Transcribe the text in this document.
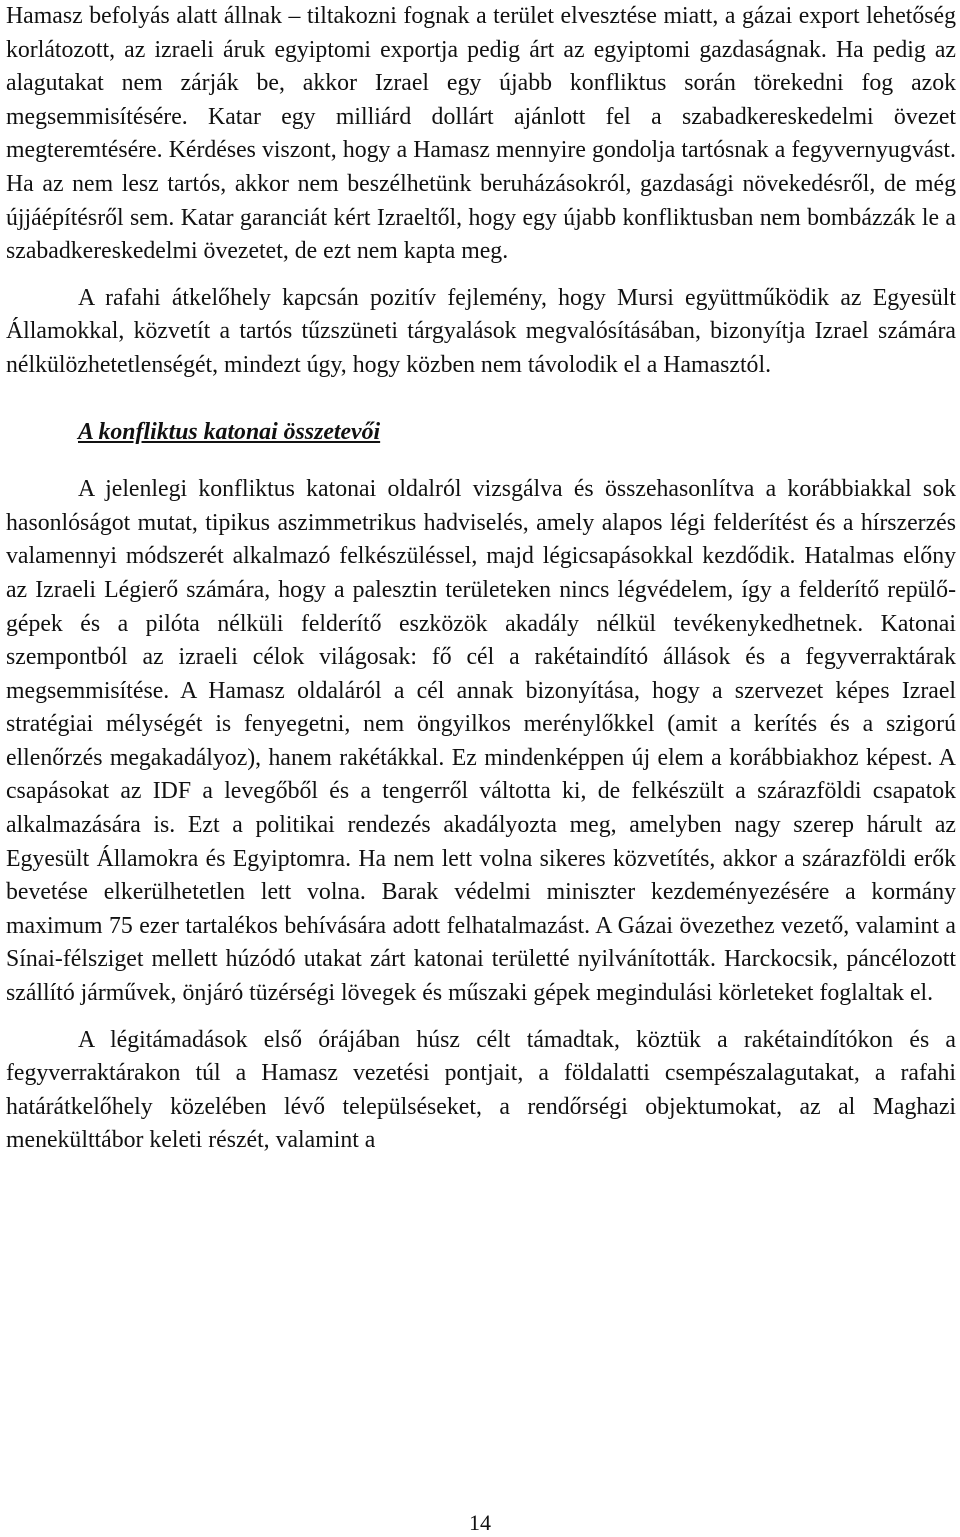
Hamasz befolyás alatt állnak – tiltakozni fognak a terület elvesztése miatt, a gázai export lehetőség korlátozott, az izraeli áruk egyiptomi exportja pedig árt az egyiptomi gazdaságnak. Ha pedig az alagutakat nem zárják be, akkor Izrael egy újabb konfliktus során törekedni fog azok megsemmisítésére. Katar egy milliárd dollárt ajánlott fel a szabadkereskedelmi övezet megteremtésére. Kérdéses viszont, hogy a Hamasz mennyire gondolja tartósnak a fegyvernyugvást. Ha az nem lesz tartós, akkor nem beszélhetünk beruházásokról, gazdasági növekedésről, de még újjáépítésről sem. Katar garanciát kért Izraeltől, hogy egy újabb konfliktusban nem bombázzák le a szabadkereskedelmi övezetet, de ezt nem kapta meg.

A rafahi átkelőhely kapcsán pozitív fejlemény, hogy Mursi együttműködik az Egyesült Államokkal, közvetít a tartós tűzszüneti tárgyalások megvalósításában, bizonyítja Izrael számára nélkülözhetetlenségét, mindezt úgy, hogy közben nem távolodik el a Hamasztól.

A konfliktus katonai összetevői

A jelenlegi konfliktus katonai oldalról vizsgálva és összehasonlítva a korábbiakkal sok hasonlóságot mutat, tipikus aszimmetrikus hadviselés, amely alapos légi felderítést és a hírszerzés valamennyi módszerét alkalmazó felkészüléssel, majd légicsapásokkal kezdődik. Hatalmas előny az Izraeli Légierő számára, hogy a palesztin területeken nincs légvédelem, így a felderítő repülőgépek és a pilóta nélküli felderítő eszközök akadály nélkül tevékenykedhetnek. Katonai szempontból az izraeli célok világosak: fő cél a rakétaindító állások és a fegyverraktárak megsemmisítése. A Hamasz oldaláról a cél annak bizonyítása, hogy a szervezet képes Izrael stratégiai mélységét is fenyegetni, nem öngyilkos merénylőkkel (amit a kerítés és a szigorú ellenőrzés megakadályoz), hanem rakétákkal. Ez mindenképpen új elem a korábbiakhoz képest. A csapásokat az IDF a levegőből és a tengerről váltotta ki, de felkészült a szárazföldi csapatok alkalmazására is. Ezt a politikai rendezés akadályozta meg, amelyben nagy szerep hárult az Egyesült Államokra és Egyiptomra. Ha nem lett volna sikeres közvetítés, akkor a szárazföldi erők bevetése elkerülhetetlen lett volna. Barak védelmi miniszter kezdeményezésére a kormány maximum 75 ezer tartalékos behívására adott felhatalmazást. A Gázai övezethez vezető, valamint a Sínai-félsziget mellett húzódó utakat zárt katonai területté nyilvánították. Harckocsik, páncélozott szállító járművek, önjáró tüzérségi lövegek és műszaki gépek megindulási körleteket foglaltak el.

A légitámadások első órájában húsz célt támadtak, köztük a rakétaindítókon és a fegyverraktárakon túl a Hamasz vezetési pontjait, a földalatti csempészalagutakat, a rafahi határátkelőhely közelében lévő települséseket, a rendőrségi objektumokat, az al Maghazi menekülttábor keleti részét, valamint a

14
